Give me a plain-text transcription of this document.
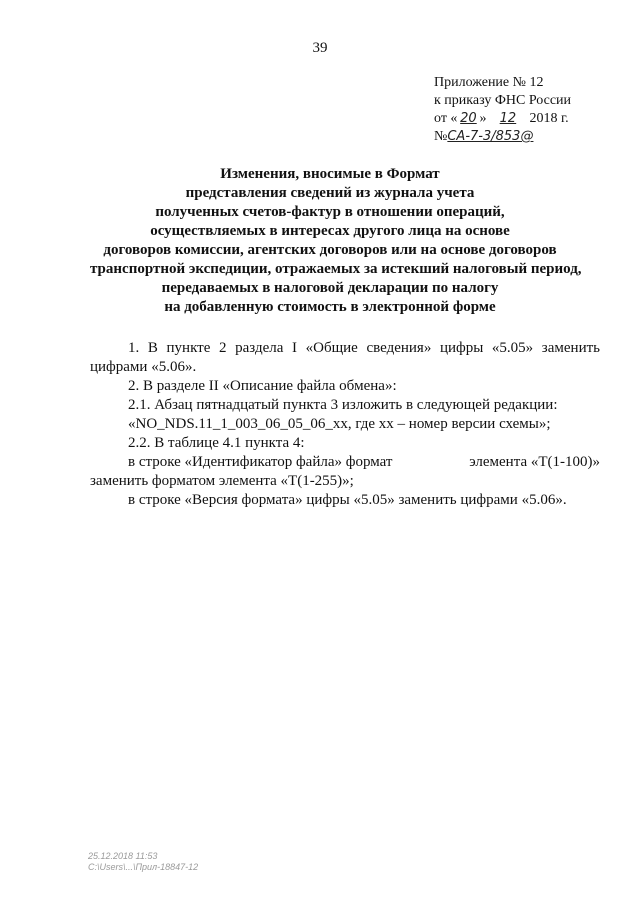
39
Приложение № 12
к приказу ФНС России
от « 20 » 12 2018 г.
№СА-7-3/853@
Изменения, вносимые в Формат
представления сведений из журнала учета
полученных счетов-фактур в отношении операций,
осуществляемых в интересах другого лица на основе
договоров комиссии, агентских договоров или на основе договоров
транспортной экспедиции, отражаемых за истекший налоговый период,
передаваемых в налоговой декларации по налогу
на добавленную стоимость в электронной форме
1. В пункте 2 раздела I «Общие сведения» цифры «5.05» заменить
цифрами «5.06».
2. В разделе II «Описание файла обмена»:
2.1. Абзац пятнадцатый пункта 3 изложить в следующей редакции:
«NO_NDS.11_1_003_06_05_06_xx, где хх – номер версии схемы»;
2.2. В таблице 4.1 пункта 4:
в строке «Идентификатор файла» формат	элемента «Т(1-100)»
заменить форматом элемента «Т(1-255)»;
в строке «Версия формата» цифры «5.05» заменить цифрами «5.06».
25.12.2018 11:53
C:\Users\...\Прил-18847-12
